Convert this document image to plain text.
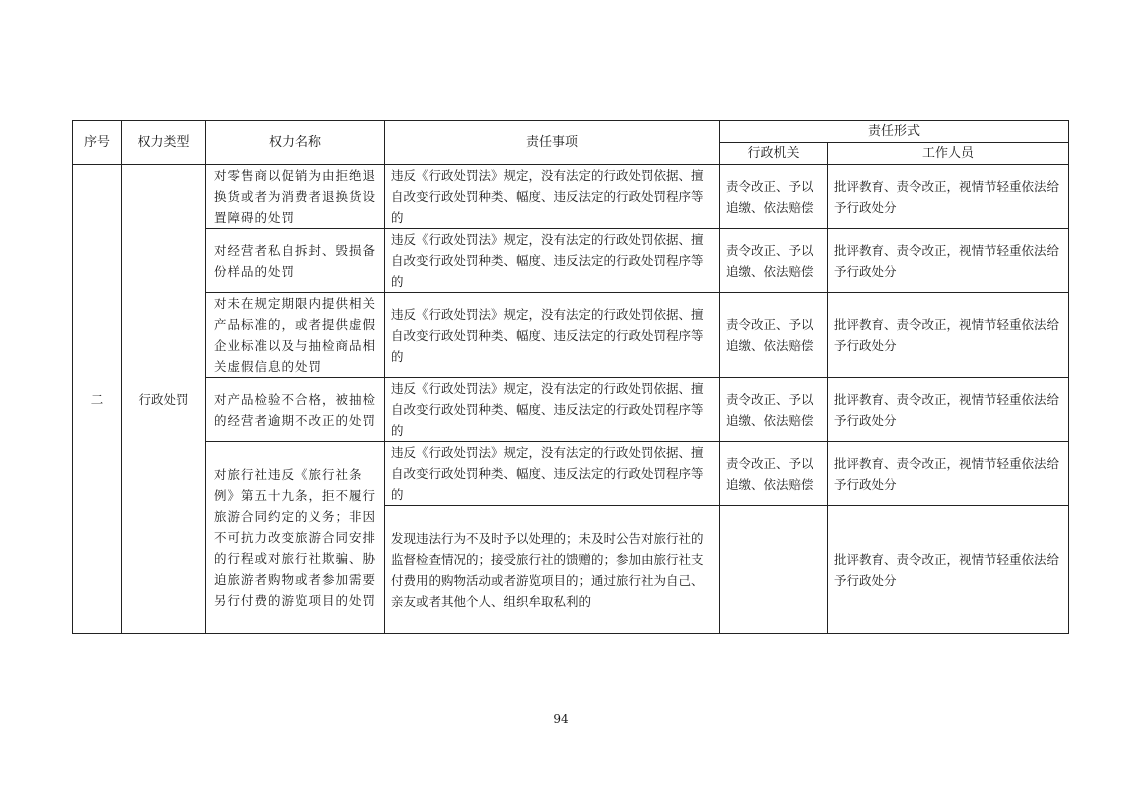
序号	权力类型	权力名称	责任事项	责任形式	
				行政机关	工作人员
二	行政处罚	对零售商以促销为由拒绝退换货或者为消费者退换货设置障碍的处罚	违反《行政处罚法》规定，没有法定的行政处罚依据、擅自改变行政处罚种类、幅度、违反法定的行政处罚程序等的	责令改正、予以追缴、依法赔偿	批评教育、责令改正，视情节轻重依法给予行政处分
		对经营者私自拆封、毁损备份样品的处罚	违反《行政处罚法》规定，没有法定的行政处罚依据、擅自改变行政处罚种类、幅度、违反法定的行政处罚程序等的	责令改正、予以追缴、依法赔偿	批评教育、责令改正，视情节轻重依法给予行政处分
		对未在规定期限内提供相关产品标准的，或者提供虚假企业标准以及与抽检商品相关虚假信息的处罚	违反《行政处罚法》规定，没有法定的行政处罚依据、擅自改变行政处罚种类、幅度、违反法定的行政处罚程序等的	责令改正、予以追缴、依法赔偿	批评教育、责令改正，视情节轻重依法给予行政处分
		对产品检验不合格，被抽检的经营者逾期不改正的处罚	违反《行政处罚法》规定，没有法定的行政处罚依据、擅自改变行政处罚种类、幅度、违反法定的行政处罚程序等的	责令改正、予以追缴、依法赔偿	批评教育、责令改正，视情节轻重依法给予行政处分
		对旅行社违反《旅行社条例》第五十九条，拒不履行旅游合同约定的义务；非因不可抗力改变旅游合同安排的行程或对旅行社欺骗、胁迫旅游者购物或者参加需要另行付费的游览项目的处罚	违反《行政处罚法》规定，没有法定的行政处罚依据、擅自改变行政处罚种类、幅度、违反法定的行政处罚程序等的	责令改正、予以追缴、依法赔偿	批评教育、责令改正，视情节轻重依法给予行政处分
			发现违法行为不及时予以处理的；未及时公告对旅行社的监督检查情况的；接受旅行社的馈赠的；参加由旅行社支付费用的购物活动或者游览项目的；通过旅行社为自己、亲友或者其他个人、组织牟取私利的		批评教育、责令改正，视情节轻重依法给予行政处分
94
